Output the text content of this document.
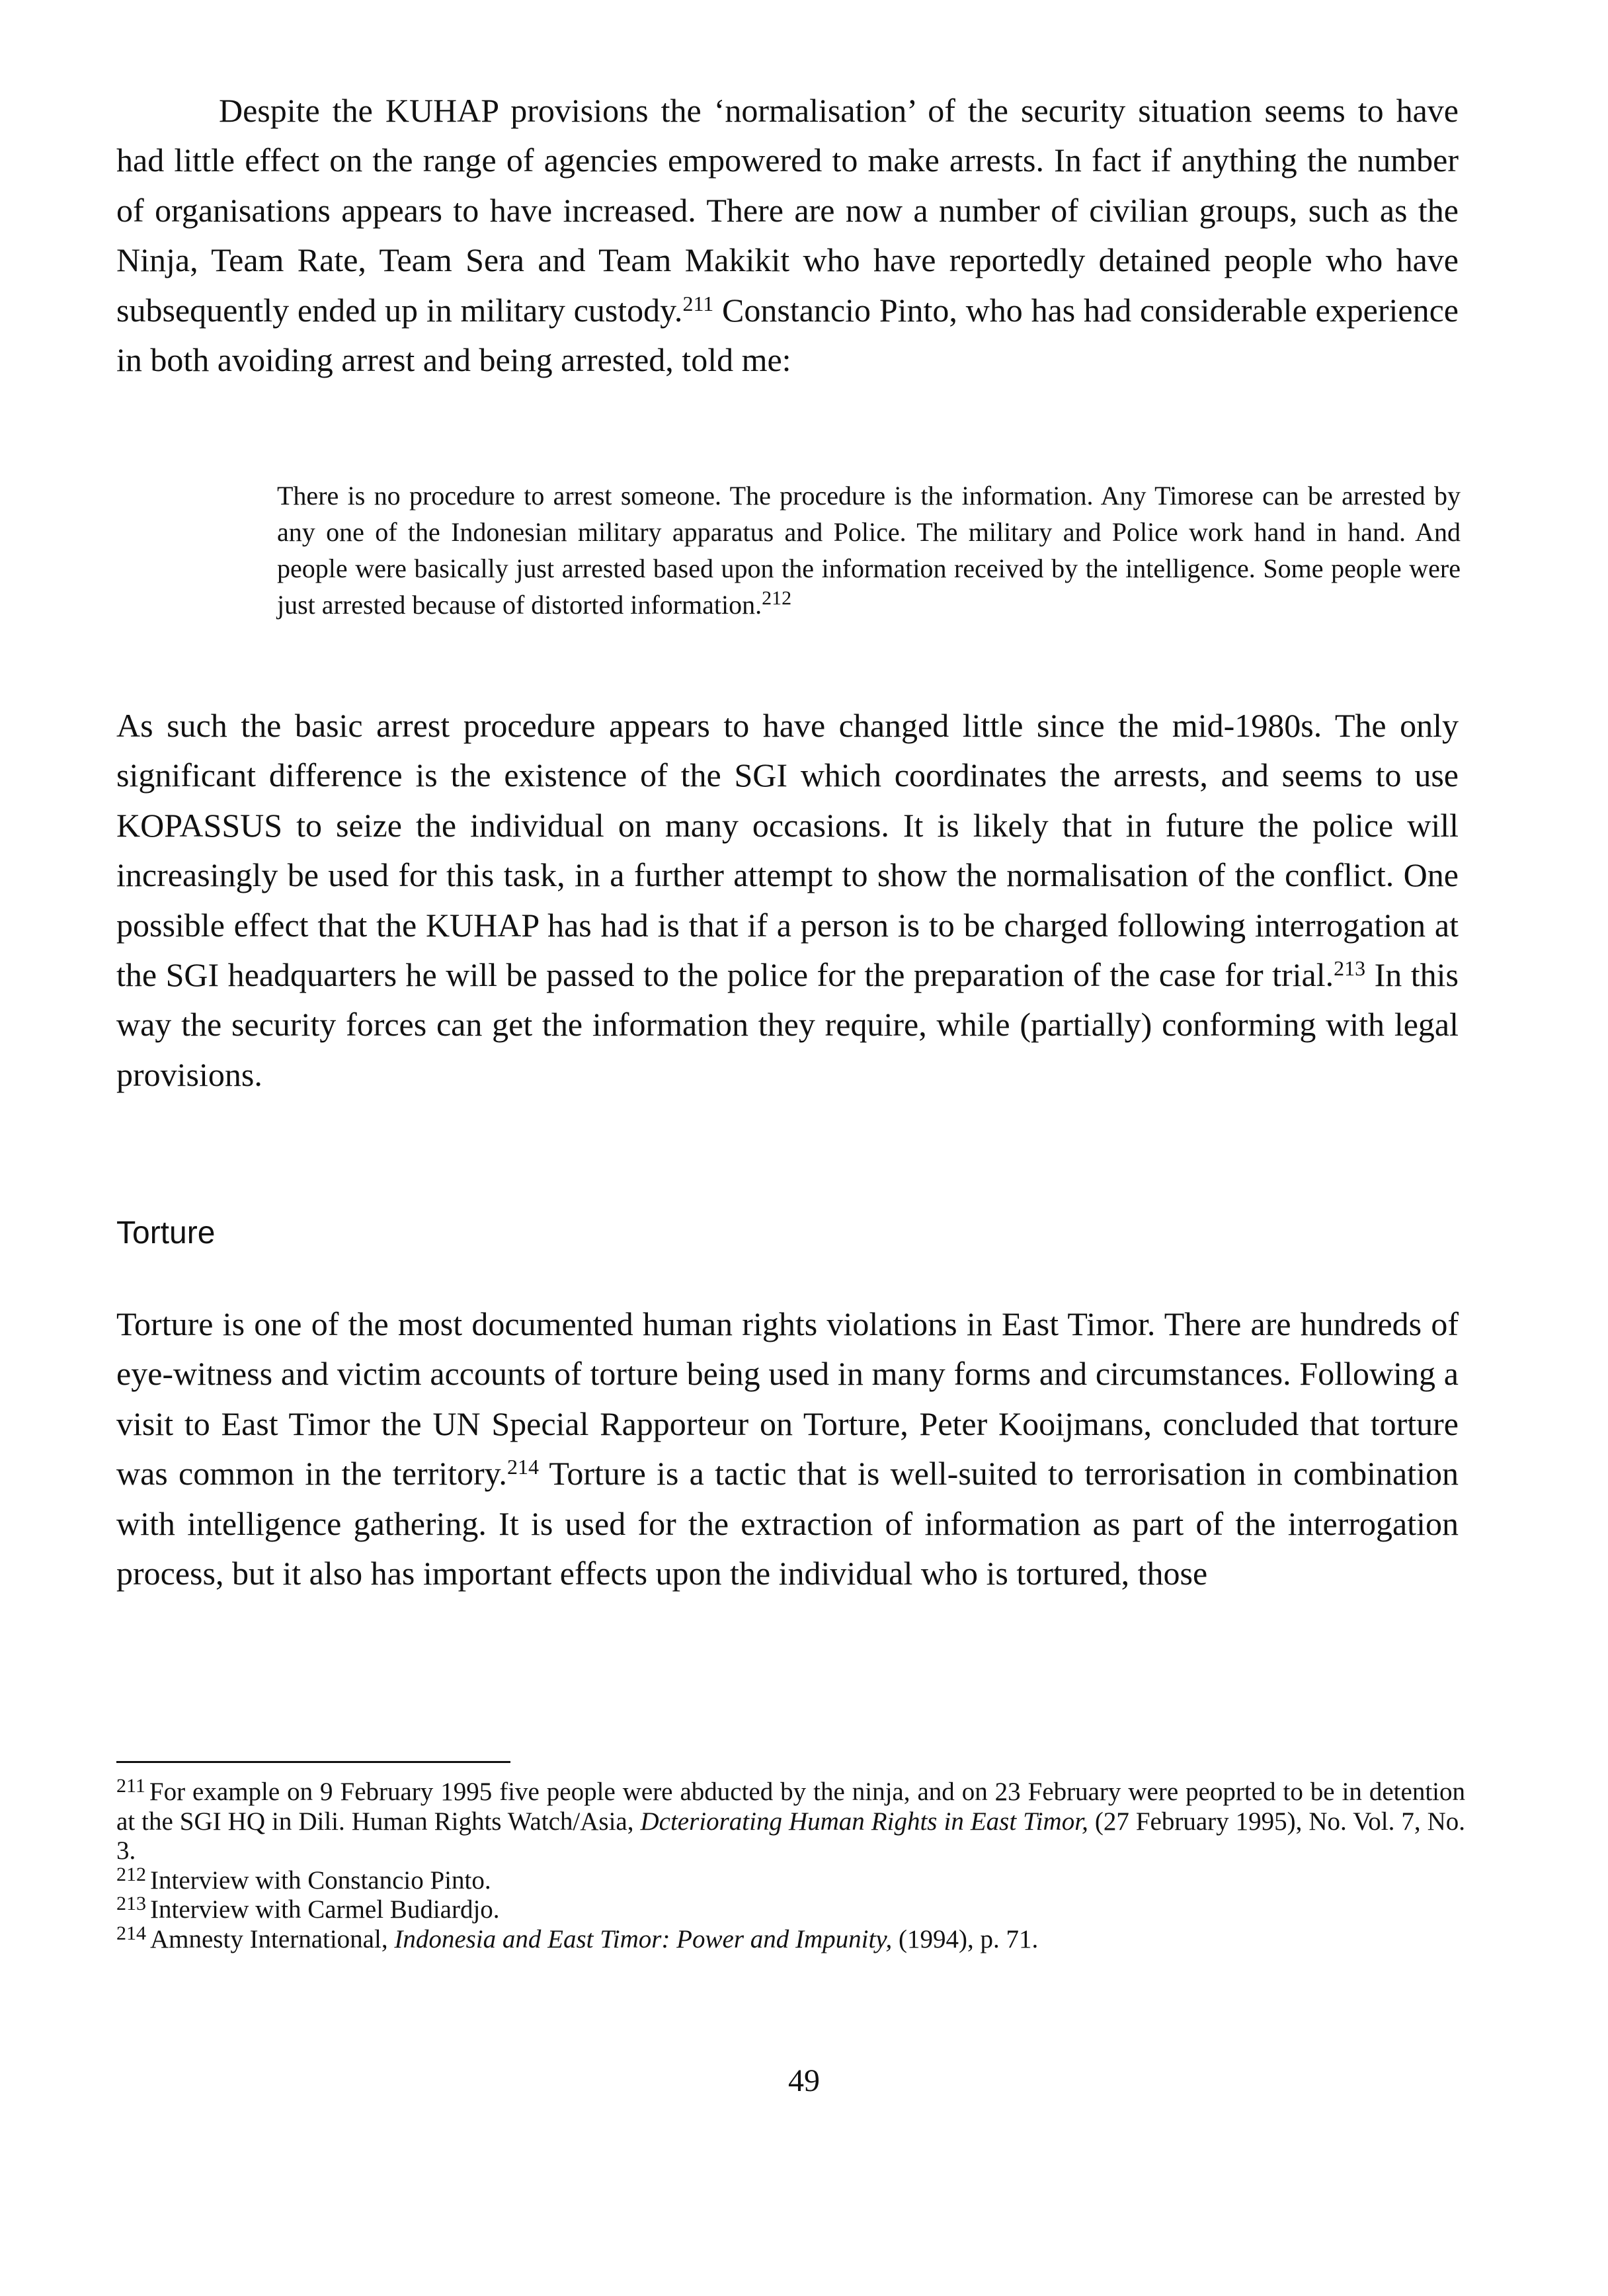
Despite the KUHAP provisions the ‘normalisation’ of the security situation seems to have had little effect on the range of agencies empowered to make arrests. In fact if anything the number of organisations appears to have increased. There are now a number of civilian groups, such as the Ninja, Team Rate, Team Sera and Team Makikit who have reportedly detained people who have subsequently ended up in military custody.$^{211}$ Constancio Pinto, who has had considerable experience in both avoiding arrest and being arrested, told me:

There is no procedure to arrest someone. The procedure is the information. Any Timorese can be arrested by any one of the Indonesian military apparatus and Police. The military and Police work hand in hand. And people were basically just arrested based upon the information received by the intelligence. Some people were just arrested because of distorted information.$^{212}$

As such the basic arrest procedure appears to have changed little since the mid-1980s. The only significant difference is the existence of the SGI which coordinates the arrests, and seems to use KOPASSUS to seize the individual on many occasions. It is likely that in future the police will increasingly be used for this task, in a further attempt to show the normalisation of the conflict. One possible effect that the KUHAP has had is that if a person is to be charged following interrogation at the SGI headquarters he will be passed to the police for the preparation of the case for trial.$^{213}$ In this way the security forces can get the information they require, while (partially) conforming with legal provisions.

Torture

Torture is one of the most documented human rights violations in East Timor. There are hundreds of eye-witness and victim accounts of torture being used in many forms and circumstances. Following a visit to East Timor the UN Special Rapporteur on Torture, Peter Kooijmans, concluded that torture was common in the territory.$^{214}$ Torture is a tactic that is well-suited to terrorisation in combination with intelligence gathering. It is used for the extraction of information as part of the interrogation process, but it also has important effects upon the individual who is tortured, those

$^{211}$ For example on 9 February 1995 five people were abducted by the ninja, and on 23 February were peoprted to be in detention at the SGI HQ in Dili. Human Rights Watch/Asia, Dcteriorating Human Rights in East Timor, (27 February 1995), No. Vol. 7, No. 3.

$^{212}$ Interview with Constancio Pinto.

$^{213}$ Interview with Carmel Budiardjo.

$^{214}$ Amnesty International, Indonesia and East Timor: Power and Impunity, (1994), p. 71.

49
